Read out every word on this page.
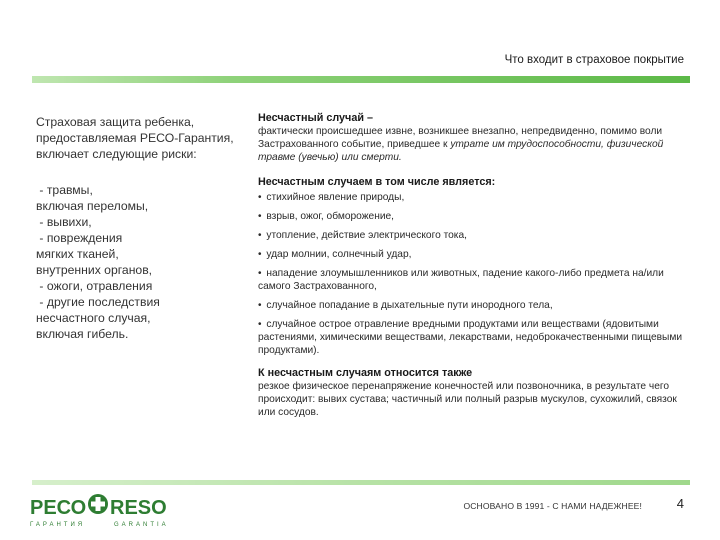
Что входит в страховое покрытие

Страховая защита ребенка, предоставляемая РЕСО-Гарантия, включает следующие риски:

- травмы,

включая переломы,

- вывихи,

- повреждения

мягких тканей,

внутренних органов,

- ожоги, отравления

- другие последствия

несчастного случая,

включая гибель.

Несчастный случай –

фактически происшедшее извне, возникшее внезапно, непредвиденно, помимо воли Застрахованного событие, приведшее к утрате им трудоспособности, физической травме (увечью) или смерти.

Несчастным случаем в том числе является:

• стихийное явление природы,
• взрыв, ожог, обморожение,
• утопление, действие электрического тока,
• удар молнии, солнечный удар,
• нападение злоумышленников или животных, падение какого-либо предмета на/или самого Застрахованного,
• случайное попадание в дыхательные пути инородного тела,
• случайное острое отравление вредными продуктами или веществами (ядовитыми растениями, химическими веществами, лекарствами, недоброкачественными пищевыми продуктами).

К несчастным случаям относится также

резкое физическое перенапряжение конечностей или позвоночника, в результате чего происходит: вывих сустава; частичный или полный разрыв мускулов, сухожилий, связок или сосудов.

РЕСО RESO
ГАРАНТИЯ	GARANTIA
ОСНОВАНО В 1991 - С НАМИ НАДЕЖНЕЕ!	4
